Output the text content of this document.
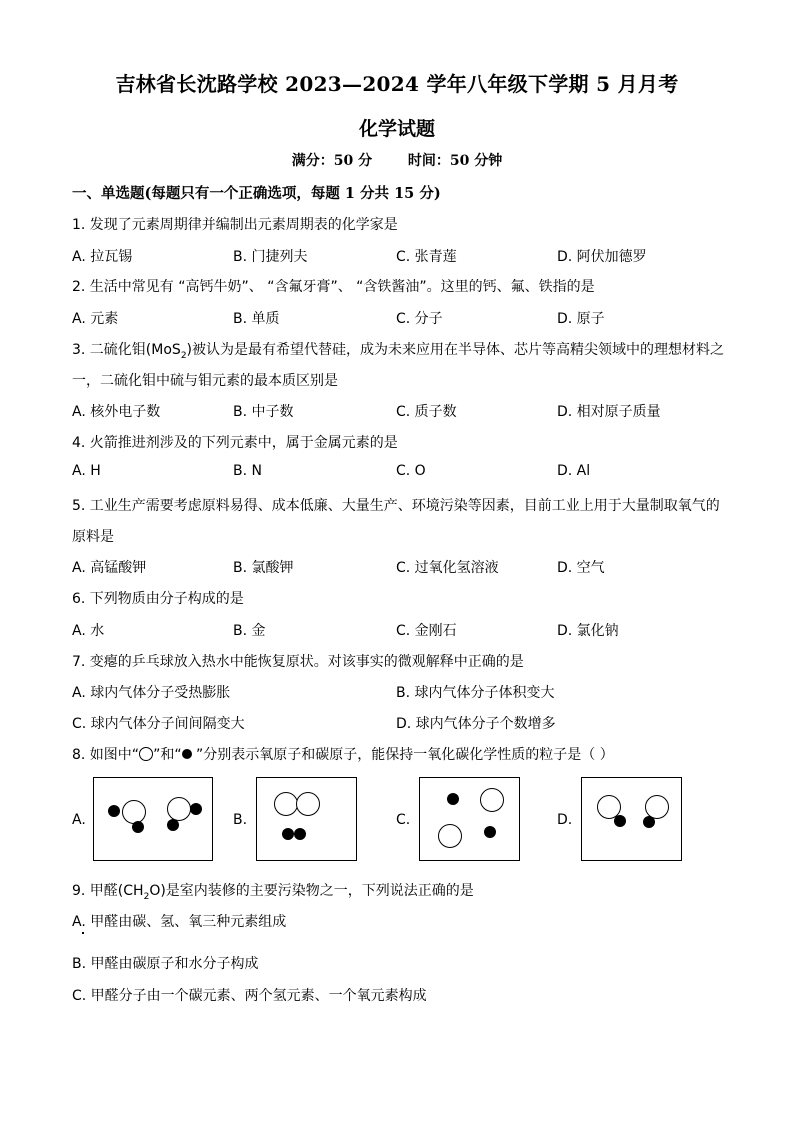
吉林省长沈路学校 2023—2024 学年八年级下学期 5 月月考
化学试题
满分：50 分	时间：50 分钟
一、单选题(每题只有一个正确选项，每题 1 分共 15 分)
1. 发现了元素周期律并编制出元素周期表的化学家是
A. 拉瓦锡	B. 门捷列夫	C. 张青莲	D. 阿伏加德罗
2. 生活中常见有 “高钙牛奶”、 “含氟牙膏”、 “含铁酱油”。这里的钙、氟、铁指的是
A. 元素	B. 单质	C. 分子	D. 原子
3. 二硫化钼(MoS$_2$)被认为是最有希望代替硅，成为未来应用在半导体、芯片等高精尖领域中的理想材料之
一，二硫化钼中硫与钼元素的最本质区别是
A. 核外电子数	B. 中子数	C. 质子数	D. 相对原子质量
4. 火箭推进剂涉及的下列元素中，属于金属元素的是
A. H	B. N	C. O	D. Al
5. 工业生产需要考虑原料易得、成本低廉、大量生产、环境污染等因素，目前工业上用于大量制取氧气的
原料是
A. 高锰酸钾	B. 氯酸钾	C. 过氧化氢溶液	D. 空气
6. 下列物质由分子构成的是
A. 水	B. 金	C. 金刚石	D. 氯化钠
7. 变瘪的乒乓球放入热水中能恢复原状。对该事实的微观解释中正确的是
A. 球内气体分子受热膨胀	B. 球内气体分子体积变大
C. 球内气体分子间间隔变大	D. 球内气体分子个数增多
8. 如图中“ ”和“ ”分别表示氧原子和碳原子，能保持一氧化碳化学性质的粒子是（ ）
A.	B.	C.	D.
9. 甲醛$(CH_2O)$是室内装修的主要污染物之一，下列说法正确的是
A. 甲醛由碳、氢、氧三种元素组成
B. 甲醛由碳原子和水分子构成
C. 甲醛分子由一个碳元素、两个氢元素、一个氧元素构成
